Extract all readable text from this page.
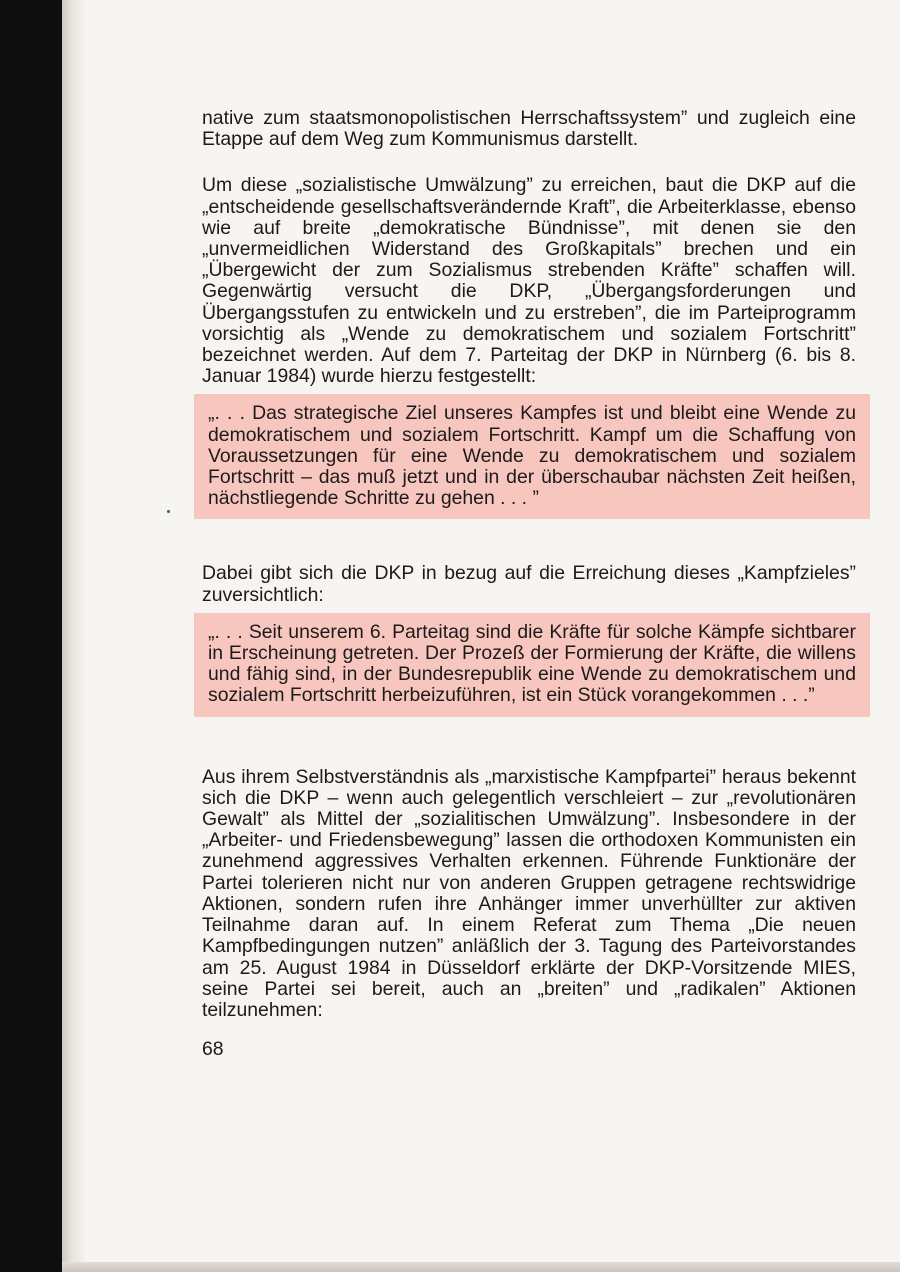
native zum staatsmonopolistischen Herrschaftssystem” und zugleich eine Etappe auf dem Weg zum Kommunismus darstellt.

Um diese „sozialistische Umwälzung” zu erreichen, baut die DKP auf die „entscheidende gesellschaftsverändernde Kraft”, die Arbeiterklasse, ebenso wie auf breite „demokratische Bündnisse”, mit denen sie den „unvermeidlichen Widerstand des Großkapitals” brechen und ein „Übergewicht der zum Sozialismus strebenden Kräfte” schaffen will. Gegenwärtig versucht die DKP, „Übergangsforderungen und Übergangsstufen zu entwickeln und zu erstreben”, die im Parteiprogramm vorsichtig als „Wende zu demokratischem und sozialem Fortschritt” bezeichnet werden. Auf dem 7. Parteitag der DKP in Nürnberg (6. bis 8. Januar 1984) wurde hierzu festgestellt:

„. . . Das strategische Ziel unseres Kampfes ist und bleibt eine Wende zu demokratischem und sozialem Fortschritt. Kampf um die Schaffung von Voraussetzungen für eine Wende zu demokratischem und sozialem Fortschritt – das muß jetzt und in der überschaubar nächsten Zeit heißen, nächstliegende Schritte zu gehen . . . ”

Dabei gibt sich die DKP in bezug auf die Erreichung dieses „Kampfzieles” zuversichtlich:

„. . . Seit unserem 6. Parteitag sind die Kräfte für solche Kämpfe sichtbarer in Erscheinung getreten. Der Prozeß der Formierung der Kräfte, die willens und fähig sind, in der Bundesrepublik eine Wende zu demokratischem und sozialem Fortschritt herbeizuführen, ist ein Stück vorangekommen . . .”

Aus ihrem Selbstverständnis als „marxistische Kampfpartei” heraus bekennt sich die DKP – wenn auch gelegentlich verschleiert – zur „revolutionären Gewalt” als Mittel der „sozialitischen Umwälzung”. Insbesondere in der „Arbeiter- und Friedensbewegung” lassen die orthodoxen Kommunisten ein zunehmend aggressives Verhalten erkennen. Führende Funktionäre der Partei tolerieren nicht nur von anderen Gruppen getragene rechtswidrige Aktionen, sondern rufen ihre Anhänger immer unverhüllter zur aktiven Teilnahme daran auf. In einem Referat zum Thema „Die neuen Kampfbedingungen nutzen” anläßlich der 3. Tagung des Parteivorstandes am 25. August 1984 in Düsseldorf erklärte der DKP-Vorsitzende MIES, seine Partei sei bereit, auch an „breiten” und „radikalen” Aktionen teilzunehmen:

68
